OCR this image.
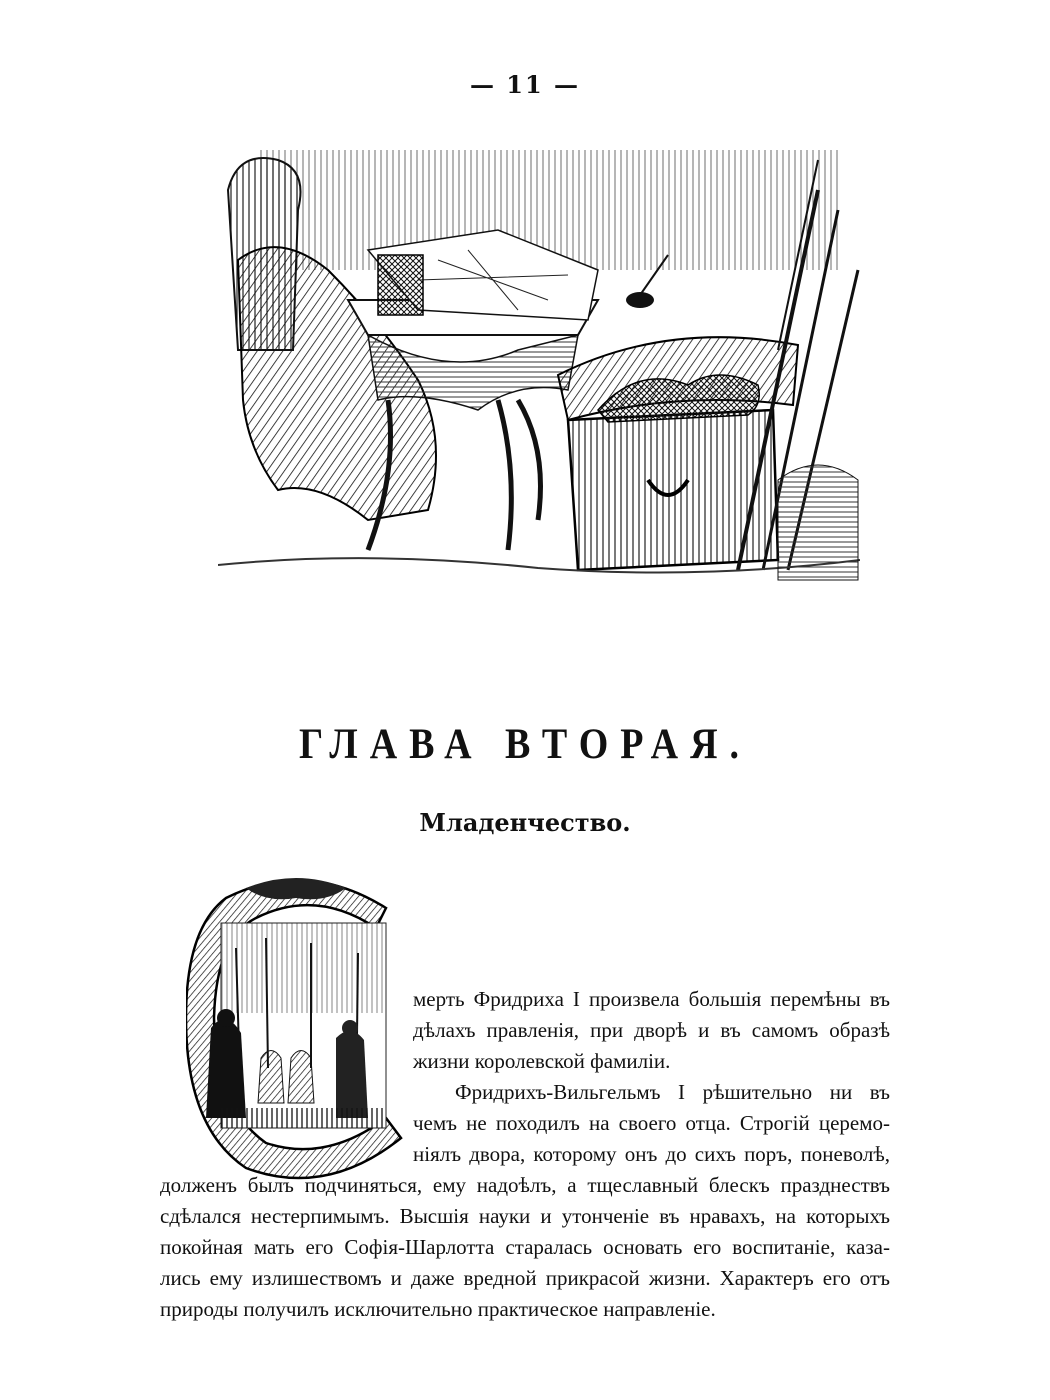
— 11 —
ГЛАВА ВТОРАЯ.
Младенчество.
мерть Фридриха I произвела большія перемѣны въ
дѣлахъ правленія, при дворѣ и въ самомъ образѣ
жизни королевской фамиліи.
Фридрихъ-Вильгельмъ I рѣшительно ни въ
чемъ не походилъ на своего отца. Строгій церемо-
ніялъ двора, которому онъ до сихъ поръ, поневолѣ,
долженъ былъ подчиняться, ему надоѣлъ, а тщеславный блескъ празднествъ
сдѣлался нестерпимымъ. Высшія науки и утонченіе въ нравахъ, на которыхъ
покойная мать его Софія-Шарлотта старалась основать его воспитаніе, каза-
лись ему излишествомъ и даже вредной прикрасой жизни. Характеръ его отъ
природы получилъ исключительно практическое направленіе.
